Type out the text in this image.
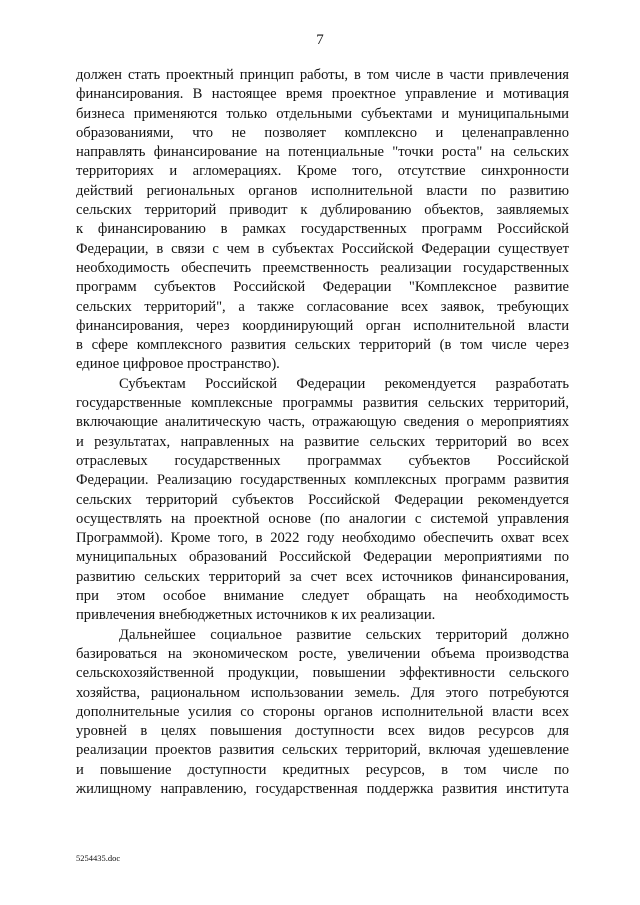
7
должен стать проектный принцип работы, в том числе в части привлечения
финансирования. В настоящее время проектное управление и мотивация
бизнеса применяются только отдельными субъектами и муниципальными
образованиями, что не позволяет комплексно и целенаправленно
направлять финансирование на потенциальные "точки роста" на сельских
территориях и агломерациях. Кроме того, отсутствие синхронности
действий региональных органов исполнительной власти по развитию
сельских территорий приводит к дублированию объектов, заявляемых
к финансированию в рамках государственных программ Российской
Федерации, в связи с чем в субъектах Российской Федерации существует
необходимость обеспечить преемственность реализации государственных
программ субъектов Российской Федерации "Комплексное развитие
сельских территорий", а также согласование всех заявок, требующих
финансирования, через координирующий орган исполнительной власти
в сфере комплексного развития сельских территорий (в том числе через
единое цифровое пространство).
Субъектам Российской Федерации рекомендуется разработать
государственные комплексные программы развития сельских территорий,
включающие аналитическую часть, отражающую сведения о мероприятиях
и результатах, направленных на развитие сельских территорий во всех
отраслевых государственных программах субъектов Российской
Федерации. Реализацию государственных комплексных программ развития
сельских территорий субъектов Российской Федерации рекомендуется
осуществлять на проектной основе (по аналогии с системой управления
Программой). Кроме того, в 2022 году необходимо обеспечить охват всех
муниципальных образований Российской Федерации мероприятиями по
развитию сельских территорий за счет всех источников финансирования,
при этом особое внимание следует обращать на необходимость
привлечения внебюджетных источников к их реализации.
Дальнейшее социальное развитие сельских территорий должно
базироваться на экономическом росте, увеличении объема производства
сельскохозяйственной продукции, повышении эффективности сельского
хозяйства, рациональном использовании земель. Для этого потребуются
дополнительные усилия со стороны органов исполнительной власти всех
уровней в целях повышения доступности всех видов ресурсов для
реализации проектов развития сельских территорий, включая удешевление
и повышение доступности кредитных ресурсов, в том числе по
жилищному направлению, государственная поддержка развития института
5254435.doc
